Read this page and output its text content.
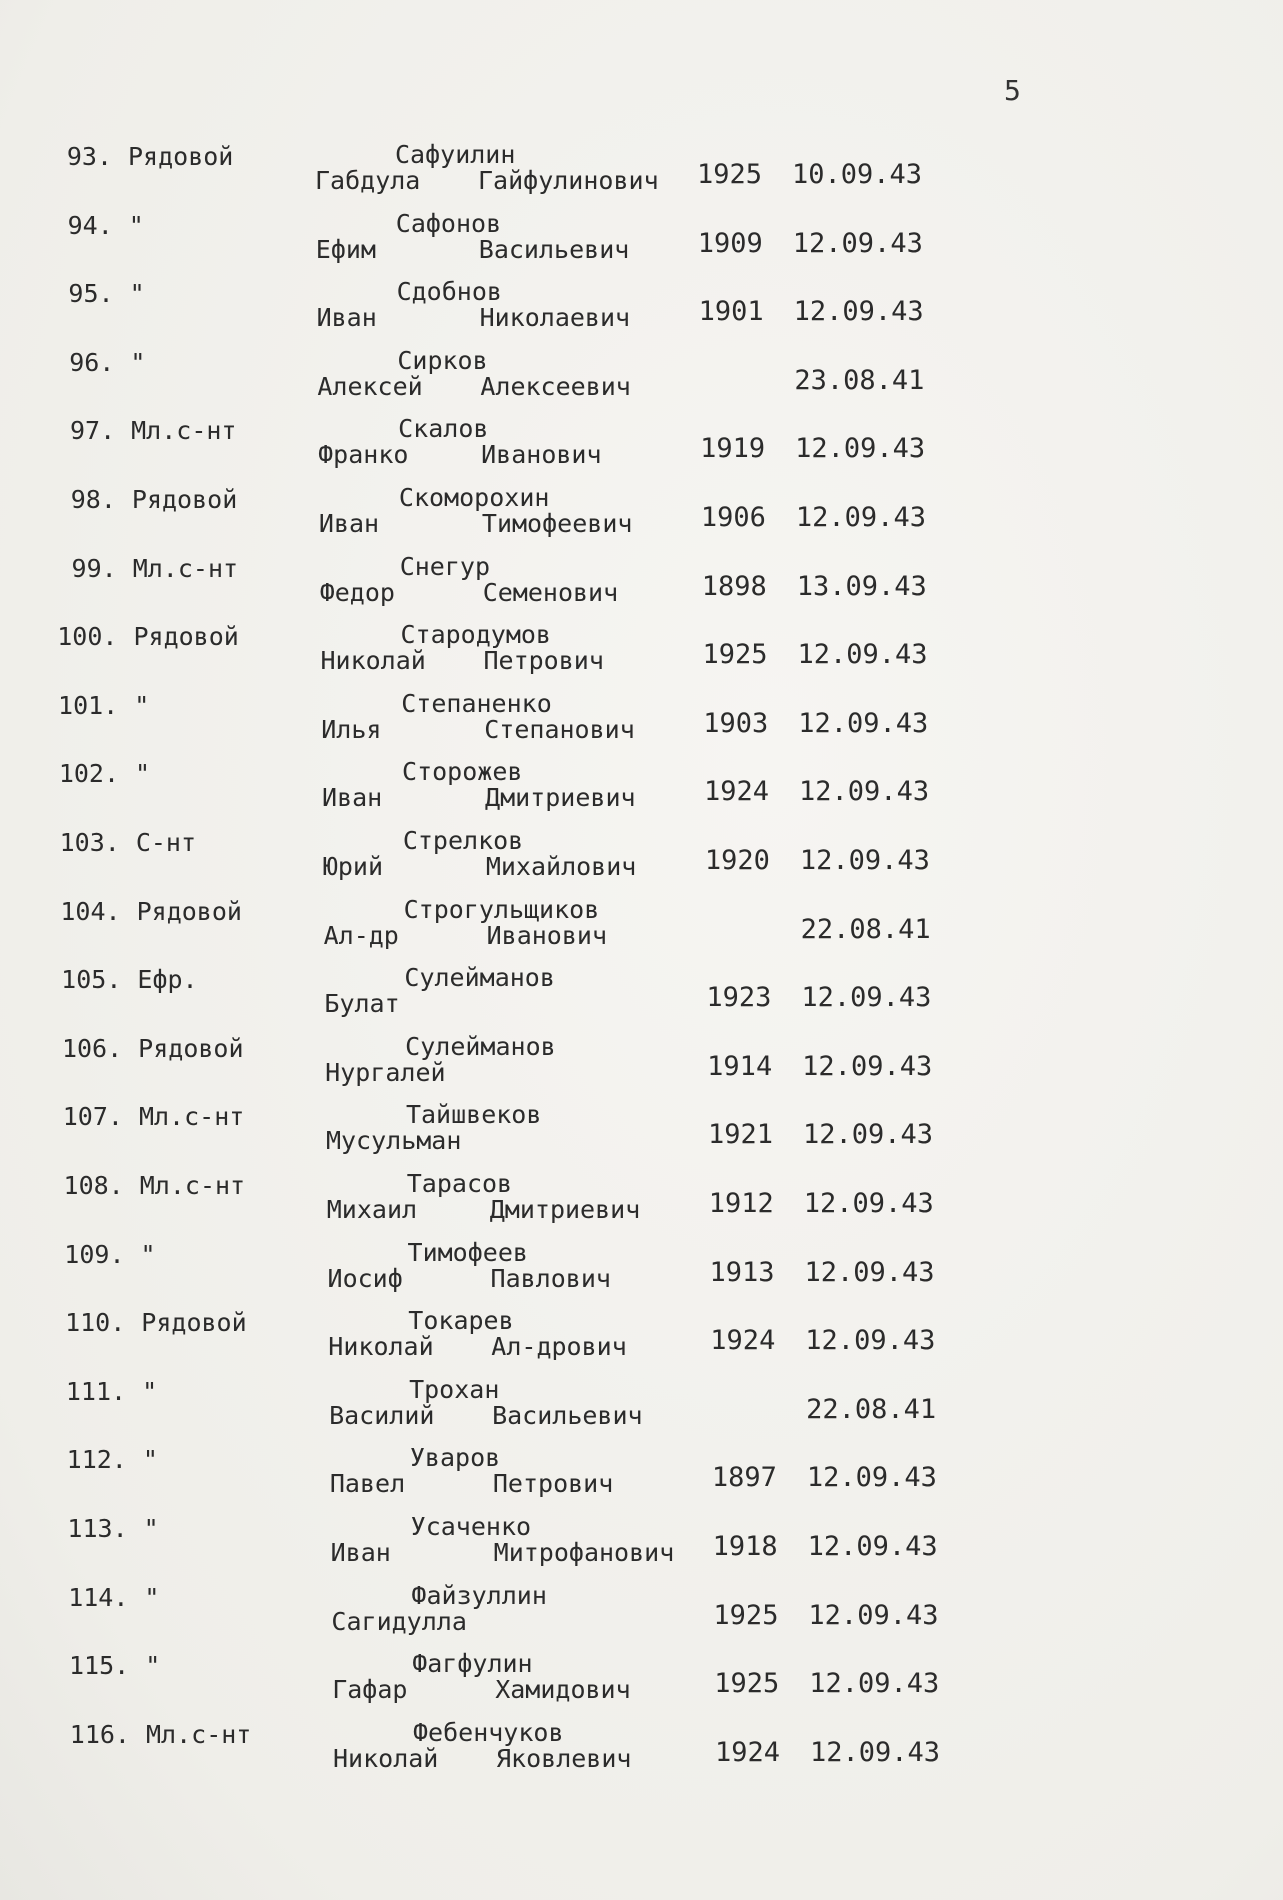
5
93. Рядовой	Сафуилин
Габдула Гайфулинович 1925 10.09.43
94. "	Сафонов
Ефим	Васильевич	1909 12.09.43
95. "	Сдобнов
Иван	Николаевич	1901 12.09.43
96. "	Сирков
Алексей Алексеевич	23.08.41
97. Мл.с-нт	Скалов
Франко	Иванович	1919 12.09.43
98. Рядовой	Скоморохин
Иван	Тимофеевич	1906 12.09.43
99. Мл.с-нт	Снегур
Федор	Семенович	1898 13.09.43
100. Рядовой	Стародумов
Николай Петрович	1925 12.09.43
101. "	Степаненко
Илья	Степанович	1903 12.09.43
102. "	Сторожев
Иван	Дмитриевич	1924 12.09.43
103. С-нт	Стрелков
Юрий	Михайлович	1920 12.09.43
104. Рядовой	Строгульщиков
Ал-др	Иванович	22.08.41
105. Ефр.	Сулейманов
Булат	1923 12.09.43
106. Рядовой	Сулейманов
Нургалей	1914 12.09.43
107. Мл.с-нт	Тайшвеков
Мусульман	1921 12.09.43
108. Мл.с-нт	Тарасов
Михаил	Дмитриевич	1912 12.09.43
109. "	Тимофеев
Иосиф	Павлович	1913 12.09.43
110. Рядовой	Токарев
Николай Ал-дрович	1924 12.09.43
111. "	Трохан
Василий Васильевич	22.08.41
112. "	Уваров
Павел	Петрович	1897 12.09.43
113. "	Усаченко
Иван	Митрофанович 1918 12.09.43
114. "	Файзуллин
Сагидулла	1925 12.09.43
115. "	Фагфулин
Гафар	Хамидович	1925 12.09.43
116. Мл.с-нт	Фебенчуков
Николай Яковлевич	1924 12.09.43
